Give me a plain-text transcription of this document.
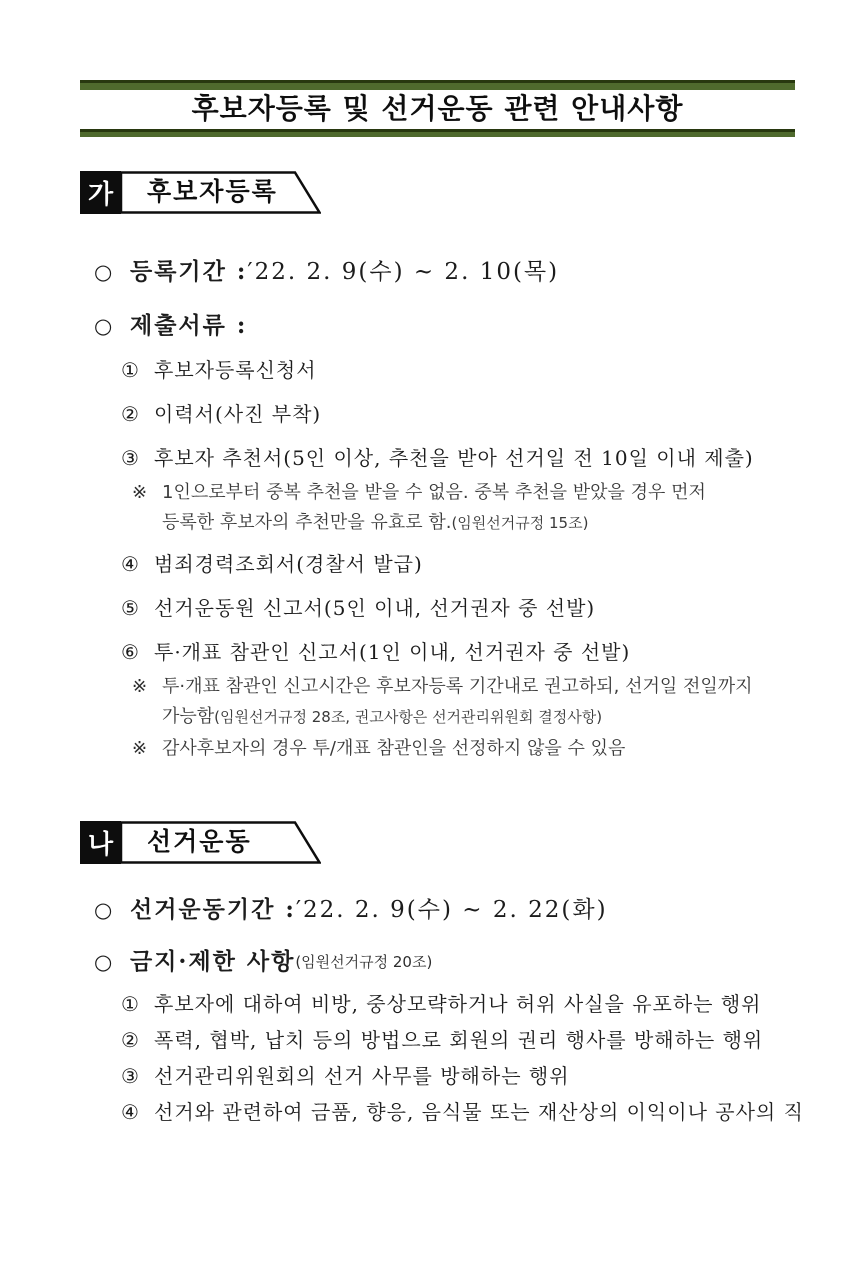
후보자등록 및 선거운동 관련 안내사항
가	후보자등록
○ 등록기간 : ′22. 2. 9(수) ~ 2. 10(목)
○ 제출서류 :
① 후보자등록신청서
② 이력서(사진 부착)
③ 후보자 추천서(5인 이상, 추천을 받아 선거일 전 10일 이내 제출)
※ 1인으로부터 중복 추천을 받을 수 없음. 중복 추천을 받았을 경우 먼저
등록한 후보자의 추천만을 유효로 함.(임원선거규정 15조)
④ 범죄경력조회서(경찰서 발급)
⑤ 선거운동원 신고서(5인 이내, 선거권자 중 선발)
⑥ 투·개표 참관인 신고서(1인 이내, 선거권자 중 선발)
※ 투·개표 참관인 신고시간은 후보자등록 기간내로 권고하되, 선거일 전일까지
가능함(임원선거규정 28조, 권고사항은 선거관리위원회 결정사항)
※ 감사후보자의 경우 투/개표 참관인을 선정하지 않을 수 있음
나	선거운동
○ 선거운동기간 : ′22. 2. 9(수) ~ 2. 22(화)
○ 금지·제한 사항 (임원선거규정 20조)
① 후보자에 대하여 비방, 중상모략하거나 허위 사실을 유포하는 행위
② 폭력, 협박, 납치 등의 방법으로 회원의 권리 행사를 방해하는 행위
③ 선거관리위원회의 선거 사무를 방해하는 행위
④ 선거와 관련하여 금품, 향응, 음식물 또는 재산상의 이익이나 공사의 직
